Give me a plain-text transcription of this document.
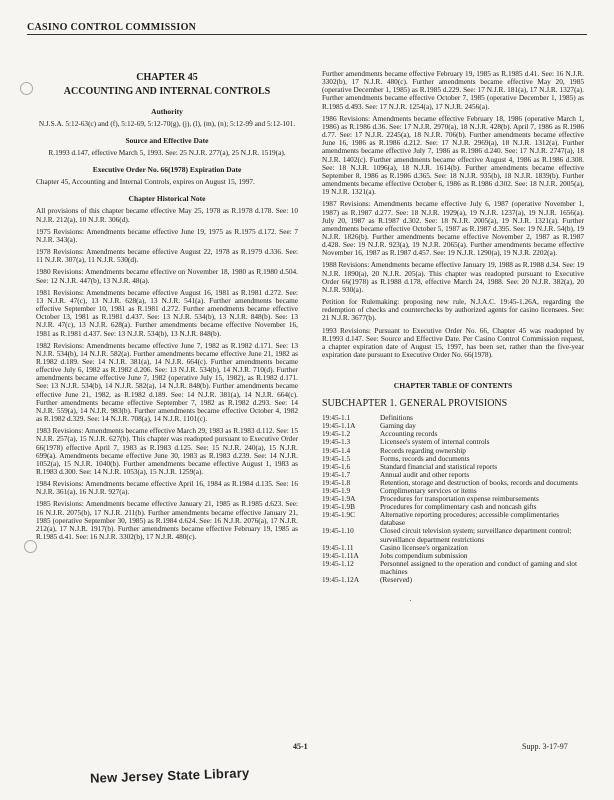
CASINO CONTROL COMMISSION
CHAPTER 45
ACCOUNTING AND INTERNAL CONTROLS
Authority

N.J.S.A. 5:12-63(c) and (f), 5:12-69, 5:12-70(g), (j), (l), (m), (n); 5:12-99 and 5:12-101.

Source and Effective Date

R.1993 d.147, effective March 5, 1993. See: 25 N.J.R. 277(a), 25 N.J.R. 1519(a).

Executive Order No. 66(1978) Expiration Date

Chapter 45, Accounting and Internal Controls, expires on August 15, 1997.

Chapter Historical Note

All provisions of this chapter became effective May 25, 1978 as R.1978 d.178. See: 10 N.J.R. 212(a), 10 N.J.R. 306(d).

1975 Revisions: Amendments became effective June 19, 1975 as R.1975 d.172. See: 7 N.J.R. 343(a).

1978 Revisions: Amendments became effective August 22, 1978 as R.1979 d.336. See: 11 N.J.R. 307(a), 11 N.J.R. 530(d).

1980 Revisions: Amendments became effective on November 18, 1980 as R.1980 d.504. See: 12 N.J.R. 447(b), 13 N.J.R. 48(a).

1981 Revisions: Amendments became effective August 16, 1981 as R.1981 d.272. See: 13 N.J.R. 47(c), 13 N.J.R. 628(a), 13 N.J.R. 541(a). Further amendments became effective September 10, 1981 as R.1981 d.272. Further amendments became effective October 13, 1981 as R.1981 d.437. See: 13 N.J.R. 534(b), 13 N.J.R. 848(b). See: 13 N.J.R. 47(c), 13 N.J.R. 628(a). Further amendments became effective November 16, 1981 as R.1981 d.437. See: 13 N.J.R. 534(b), 13 N.J.R. 848(b).

1982 Revisions: Amendments became effective June 7, 1982 as R.1982 d.171. See: 13 N.J.R. 534(b), 14 N.J.R. 582(a). Further amendments became effective June 21, 1982 as R.1982 d.189. See: 14 N.J.R. 381(a), 14 N.J.R. 664(c). Further amendments became effective July 6, 1982 as R.1982 d.206. See: 13 N.J.R. 534(b), 14 N.J.R. 710(d). Further amendments became effective June 7, 1982 (operative July 15, 1982), as R.1982 d.171. See: 13 N.J.R. 534(b), 14 N.J.R. 582(a), 14 N.J.R. 848(b). Further amendments became effective June 21, 1982, as R.1982 d.189. See: 14 N.J.R. 381(a), 14 N.J.R. 664(c). Further amendments became effective September 7, 1982 as R.1982 d.293. See: 14 N.J.R. 559(a), 14 N.J.R. 983(b). Further amendments became effective October 4, 1982 as R.1982 d.329. See: 14 N.J.R. 708(a), 14 N.J.R. 1101(c).

1983 Revisions: Amendments became effective March 29, 1983 as R.1983 d.112. See: 15 N.J.R. 257(a), 15 N.J.R. 627(b). This chapter was readopted pursuant to Executive Order 66(1978) effective April 7, 1983 as R.1983 d.125. See: 15 N.J.R. 240(a), 15 N.J.R. 699(a). Amendments became effective June 30, 1983 as R.1983 d.239. See: 14 N.J.R. 1052(a), 15 N.J.R. 1040(b). Further amendments became effective August 1, 1983 as R.1983 d.300. See: 14 N.J.R. 1053(a), 15 N.J.R. 1259(a).

1984 Revisions: Amendments became effective April 16, 1984 as R.1984 d.135. See: 16 N.J.R. 361(a), 16 N.J.R. 927(a).

1985 Revisions: Amendments became effective January 21, 1985 as R.1985 d.623. See: 16 N.J.R. 2075(b), 17 N.J.R. 211(b). Further amendments became effective January 21, 1985 (operative September 30, 1985) as R.1984 d.624. See: 16 N.J.R. 2076(a), 17 N.J.R. 212(a), 17 N.J.R. 1917(b). Further amendments became effective February 19, 1985 as R.1985 d.41. See: 16 N.J.R. 3302(b), 17 N.J.R. 480(c).

Further amendments became effective February 19, 1985 as R.1985 d.41. See: 16 N.J.R. 3302(b), 17 N.J.R. 480(c). Further amendments became effective May 20, 1985 (operative December 1, 1985) as R.1985 d.229. See: 17 N.J.R. 181(a), 17 N.J.R. 1327(a). Further amendments became effective October 7, 1985 (operative December 1, 1985) as R.1985 d.493. See: 17 N.J.R. 1254(a), 17 N.J.R. 2456(a).

1986 Revisions: Amendments became effective February 18, 1986 (operative March 1, 1986) as R.1986 d.36. See: 17 N.J.R. 2970(a), 18 N.J.R. 428(b). April 7, 1986 as R.1986 d.77. See: 17 N.J.R. 2245(a), 18 N.J.R. 706(b). Further amendments became effective June 16, 1986 as R.1986 d.212. See: 17 N.J.R. 2969(a), 18 N.J.R. 1312(a). Further amendments became effective July 7, 1986 as R.1986 d.240. See: 17 N.J.R. 2747(a), 18 N.J.R. 1402(c). Further amendments became effective August 4, 1986 as R.1986 d.308. See: 18 N.J.R. 1096(a), 18 N.J.R. 1614(b). Further amendments became effective September 8, 1986 as R.1986 d.365. See: 18 N.J.R. 935(b), 18 N.J.R. 1839(b). Further amendments became effective October 6, 1986 as R.1986 d.302. See: 18 N.J.R. 2005(a), 19 N.J.R. 1321(a).

1987 Revisions: Amendments became effective July 6, 1987 (operative November 1, 1987) as R.1987 d.277. See: 18 N.J.R. 1929(a), 19 N.J.R. 1237(a), 19 N.J.R. 1656(a). July 20, 1987 as R.1987 d.302. See: 18 N.J.R. 2005(a), 19 N.J.R. 1321(a). Further amendments became effective October 5, 1987 as R.1987 d.395. See: 19 N.J.R. 54(b), 19 N.J.R. 1826(b). Further amendments became effective November 2, 1987 as R.1987 d.428. See: 19 N.J.R. 923(a), 19 N.J.R. 2065(a). Further amendments became effective November 16, 1987 as R.1987 d.457. See: 19 N.J.R. 1290(a), 19 N.J.R. 2202(a).

1988 Revisions: Amendments became effective January 19, 1988 as R.1988 d.34. See: 19 N.J.R. 1890(a), 20 N.J.R. 205(a). This chapter was readopted pursuant to Executive Order 66(1978) as R.1988 d.178, effective March 24, 1988. See: 20 N.J.R. 382(a), 20 N.J.R. 930(a).

Petition for Rulemaking: proposing new rule, N.J.A.C. 19:45-1.26A, regarding the redemption of checks and counterchecks by authorized agents for casino licensees. See: 21 N.J.R. 3677(b).

1993 Revisions: Pursuant to Executive Order No. 66, Chapter 45 was readopted by R.1993 d.147. See: Source and Effective Date. Per Casino Control Commission request, a chapter expiration date of August 15, 1997, has been set, rather than the five-year expiration date pursuant to Executive Order No. 66(1978).

CHAPTER TABLE OF CONTENTS
SUBCHAPTER 1. GENERAL PROVISIONS
19:45-1.1	Definitions
19:45-1.1A	Gaming day
19:45-1.2	Accounting records
19:45-1.3	Licensee's system of internal controls
19:45-1.4	Records regarding ownership
19:45-1.5	Forms, records and documents
19:45-1.6	Standard financial and statistical reports
19:45-1.7	Annual audit and other reports
19:45-1.8	Retention, storage and destruction of books, records and documents
19:45-1.9	Complimentary services or items
19:45-1.9A	Procedures for transportation expense reimbursements
19:45-1.9B	Procedures for complimentary cash and noncash gifts
19:45-1.9C	Alternative reporting procedures; accessible complimentaries database
19:45-1.10	Closed circuit television system; surveillance department control; surveillance department restrictions
19:45-1.11	Casino licensee's organization
19:45-1.11A	Jobs compendium submission
19:45-1.12	Personnel assigned to the operation and conduct of gaming and slot machines
19:45-1.12A	(Reserved)
45-1	Supp. 3-17-97
New Jersey State Library
